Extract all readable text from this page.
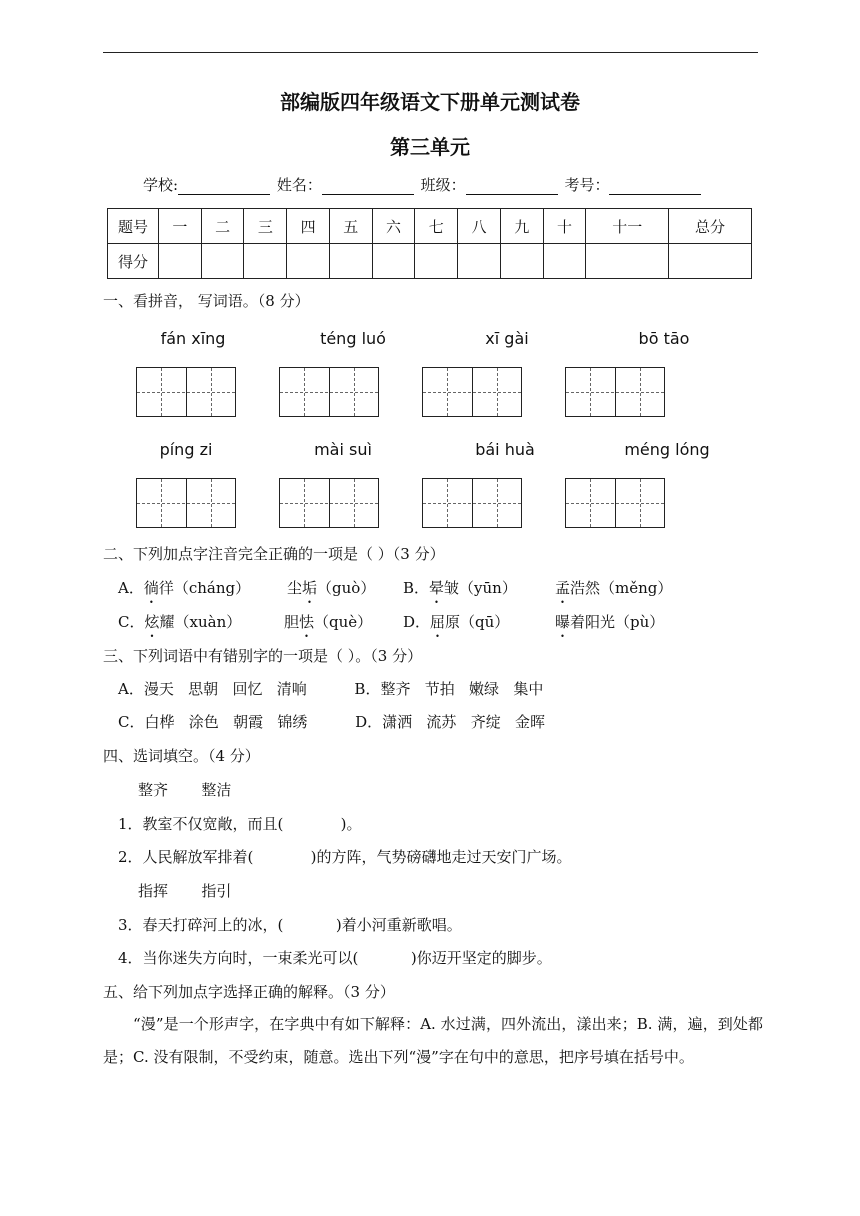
部编版四年级语文下册单元测试卷
第三单元
学校:	姓名：	班级：	考号：
题号	一	二	三	四	五	六	七	八	九	十	十一	总分
得分												
一、看拼音， 写词语。（8 分）
fán xīng	téng luó	xī gài	bō tāo
píng zi	mài suì	bái huà	méng lóng
二、下列加点字注音完全正确的一项是（ ）（3 分）
A．徜徉（cháng） 尘垢（guò） B．晕皱（yūn）	孟浩然（měng）
C．炫耀（xuàn）	胆怯（què） D．屈原（qū）	曝着阳光（pù）
三、下列词语中有错别字的一项是（ ）。（3 分）
A．漫天   思朝   回忆   清响          B．整齐   节拍   嫩绿   集中
C．白桦   涂色   朝霞   锦绣          D．潇洒   流苏   齐绽   金晖
四、选词填空。（4 分）
整齐       整洁
1．教室不仅宽敞，而且(            )。
2．人民解放军排着(            )的方阵，气势磅礴地走过天安门广场。
指挥       指引
3．春天打碎河上的冰，(           )着小河重新歌唱。
4．当你迷失方向时，一束柔光可以(           )你迈开坚定的脚步。
五、给下列加点字选择正确的解释。（3 分）
“漫”是一个形声字，在字典中有如下解释：A. 水过满，四外流出，漾出来；B. 满，遍，到处都是；C. 没有限制，不受约束，随意。选出下列“漫”字在句中的意思，把序号填在括号中。
